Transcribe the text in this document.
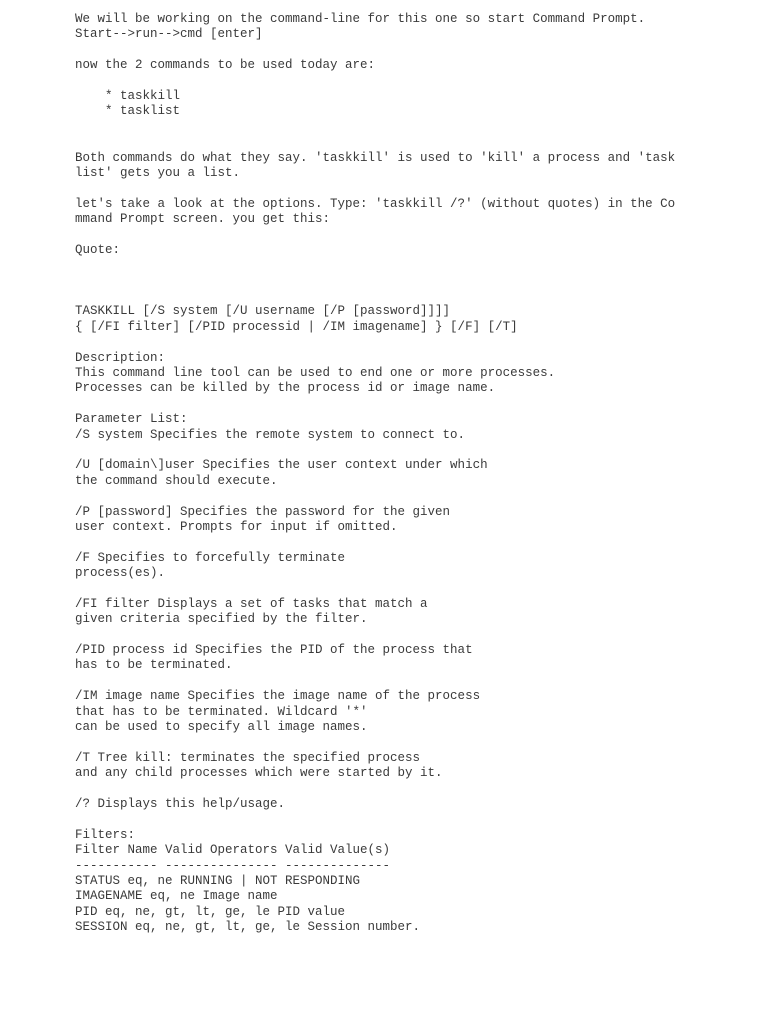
We will be working on the command-line for this one so start Command Prompt.
Start-->run-->cmd [enter]
now the 2 commands to be used today are:
* taskkill
* tasklist
Both commands do what they say. 'taskkill' is used to 'kill' a process and 'task
list' gets you a list.
let's take a look at the options. Type: 'taskkill /?' (without quotes) in the Co
mmand Prompt screen. you get this:
Quote:
TASKKILL [/S system [/U username [/P [password]]]]
{ [/FI filter] [/PID processid | /IM imagename] } [/F] [/T]
Description:
This command line tool can be used to end one or more processes.
Processes can be killed by the process id or image name.
Parameter List:
/S system Specifies the remote system to connect to.
/U [domain\]user Specifies the user context under which
the command should execute.
/P [password] Specifies the password for the given
user context. Prompts for input if omitted.
/F Specifies to forcefully terminate
process(es).
/FI filter Displays a set of tasks that match a
given criteria specified by the filter.
/PID process id Specifies the PID of the process that
has to be terminated.
/IM image name Specifies the image name of the process
that has to be terminated. Wildcard '*'
can be used to specify all image names.
/T Tree kill: terminates the specified process
and any child processes which were started by it.
/? Displays this help/usage.
Filters:
Filter Name Valid Operators Valid Value(s)
----------- --------------- --------------
STATUS eq, ne RUNNING | NOT RESPONDING
IMAGENAME eq, ne Image name
PID eq, ne, gt, lt, ge, le PID value
SESSION eq, ne, gt, lt, ge, le Session number.
